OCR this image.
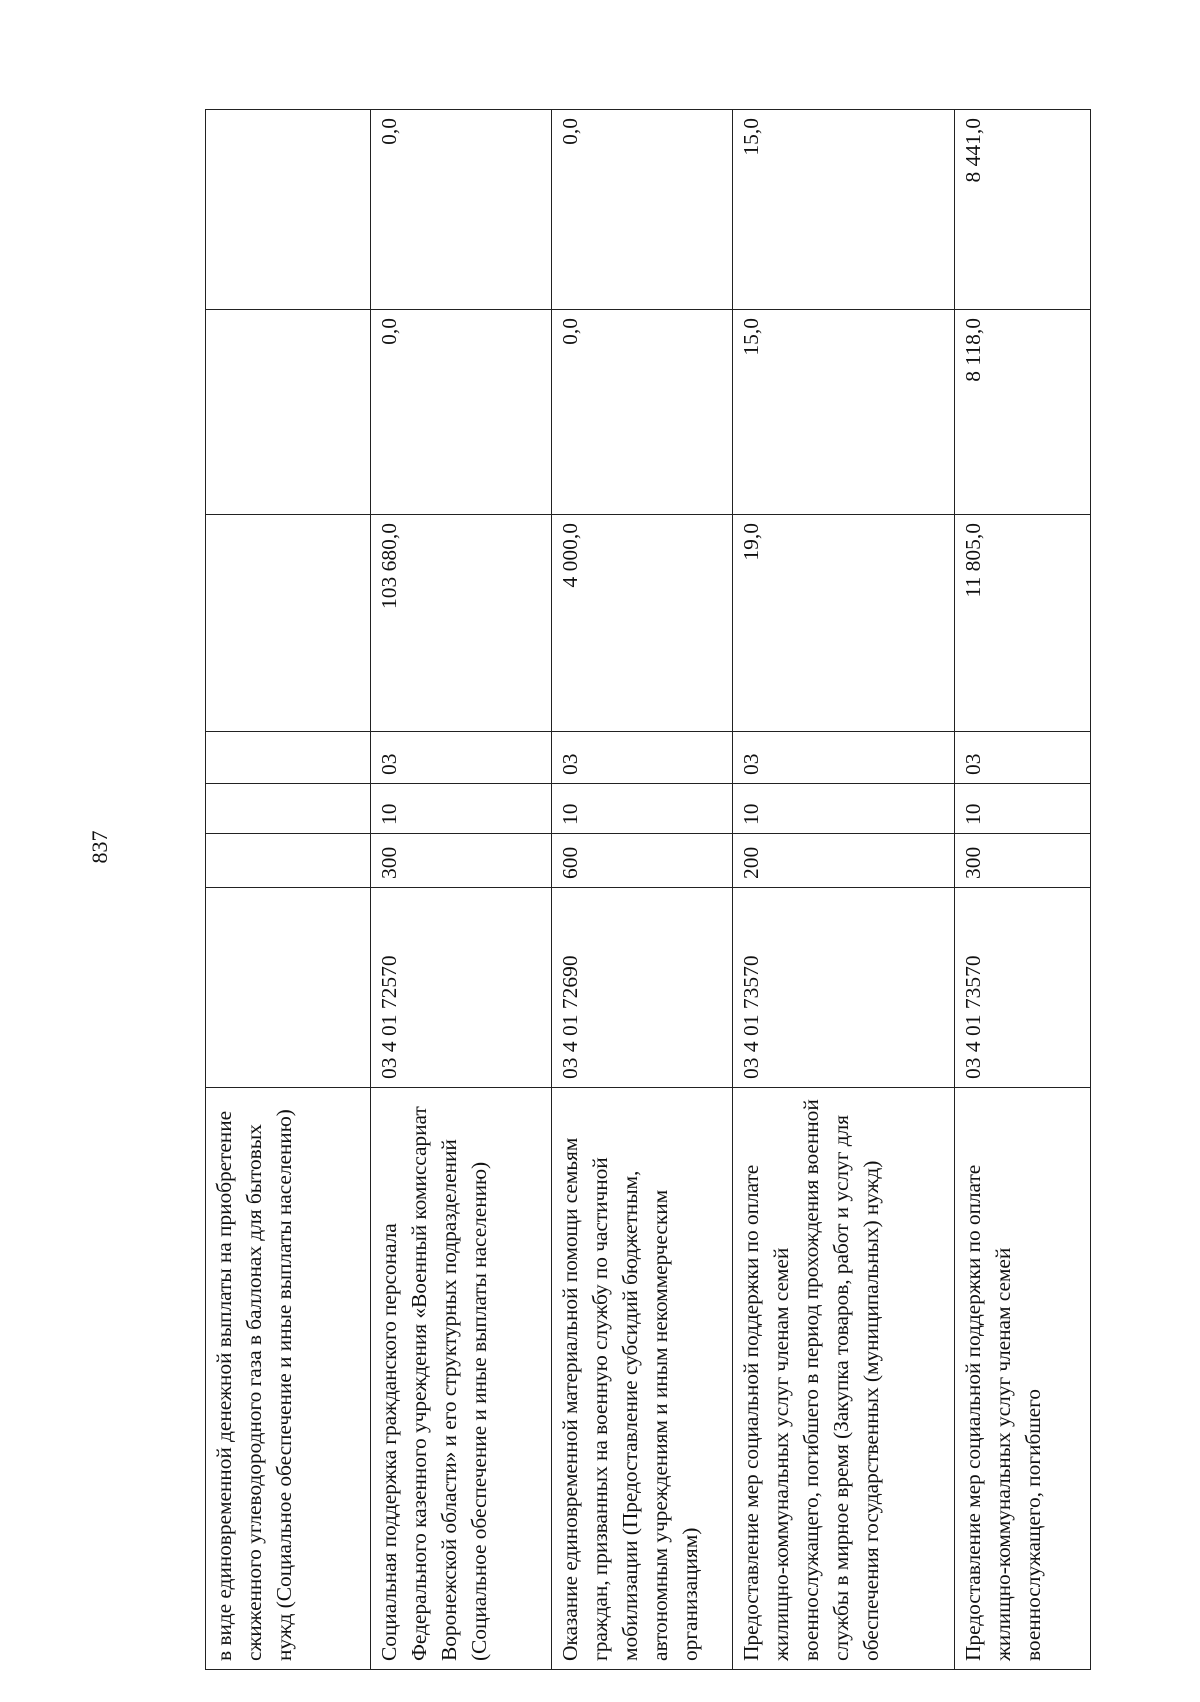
837
в виде единовременной денежной выплаты на приобретение сжиженного углеводородного газа в баллонах для бытовых нужд (Социальное обеспечение и иные выплаты населению)							
Социальная поддержка гражданского персонала Федерального казенного учреждения «Военный комиссариат Воронежской области» и его структурных подразделений (Социальное обеспечение и иные выплаты населению)	03 4 01 72570	300	10	03	103 680,0	0,0	0,0
Оказание единовременной материальной помощи семьям граждан, призванных на военную службу по частичной мобилизации (Предоставление субсидий бюджетным, автономным учреждениям и иным некоммерческим организациям)	03 4 01 72690	600	10	03	4 000,0	0,0	0,0
Предоставление мер социальной поддержки по оплате жилищно-коммунальных услуг членам семей военнослужащего, погибшего в период прохождения военной службы в мирное время (Закупка товаров, работ и услуг для обеспечения государственных (муниципальных) нужд)	03 4 01 73570	200	10	03	19,0	15,0	15,0
Предоставление мер социальной поддержки по оплате жилищно-коммунальных услуг членам семей военнослужащего, погибшего	03 4 01 73570	300	10	03	11 805,0	8 118,0	8 441,0
